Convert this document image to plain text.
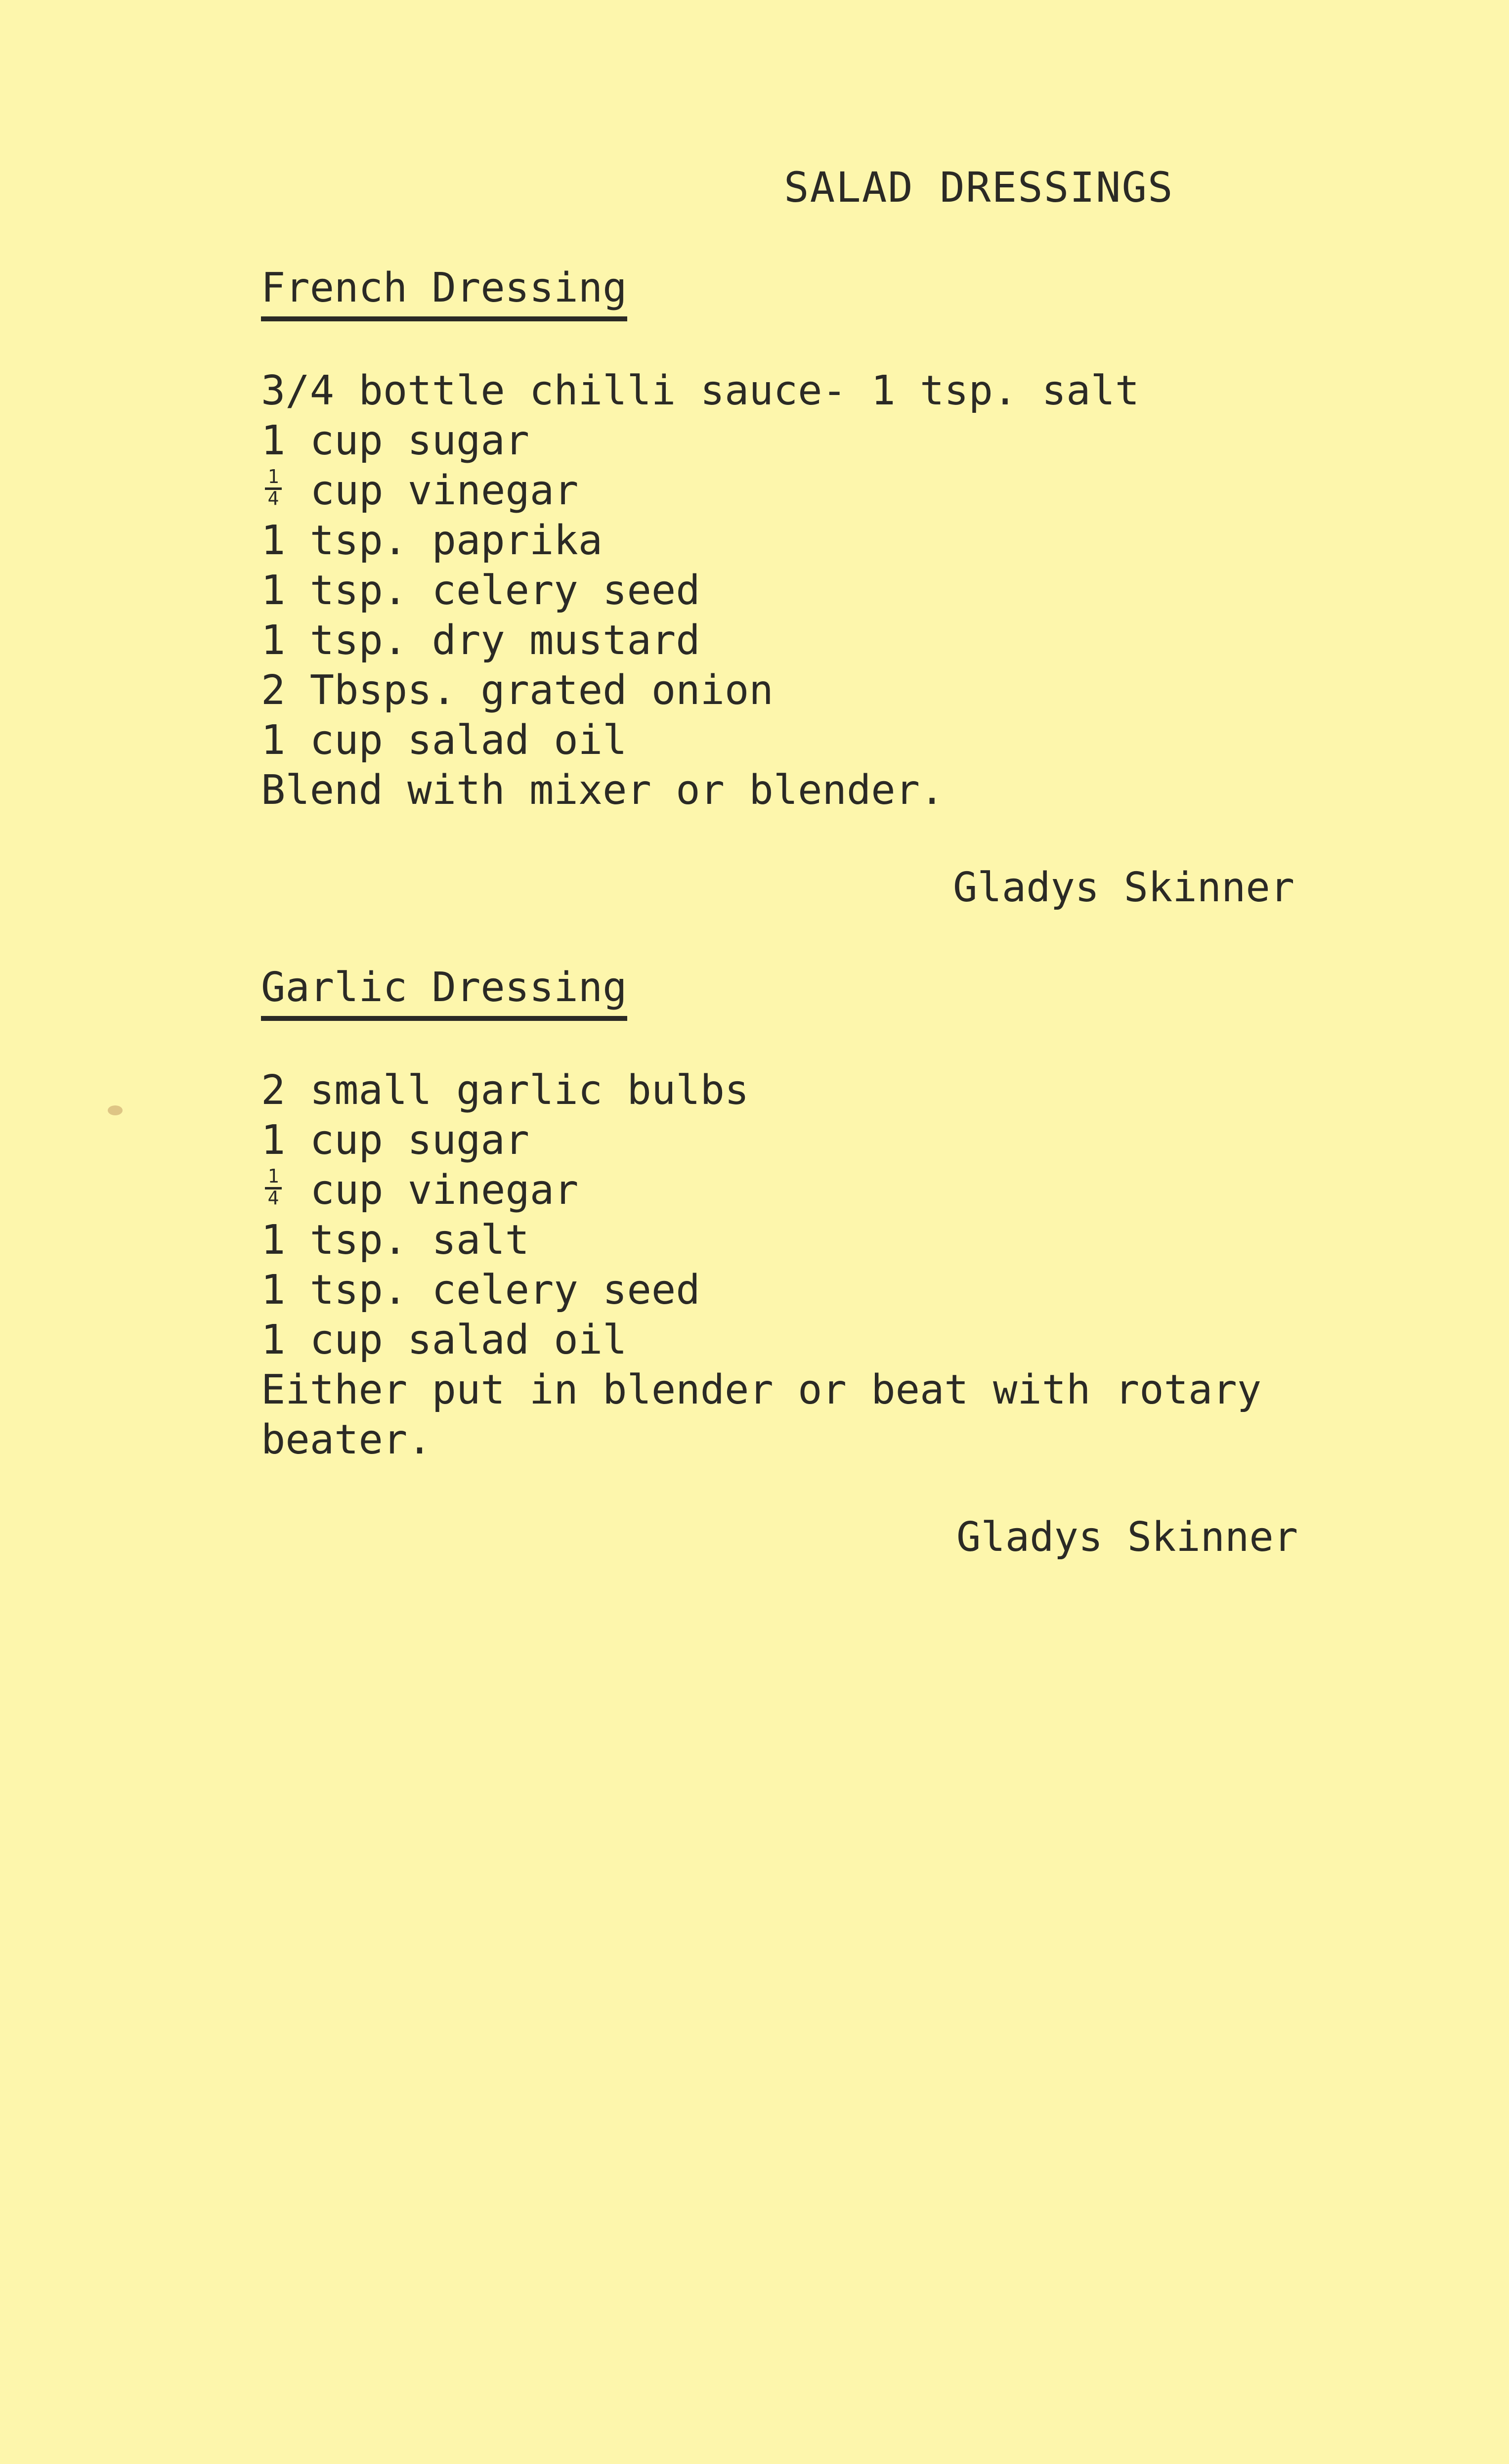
SALAD DRESSINGS
French Dressing
3/4 bottle chilli sauce- 1 tsp. salt
1 cup sugar
1
4 cup vinegar
1 tsp. paprika
1 tsp. celery seed
1 tsp. dry mustard
2 Tbsps. grated onion
1 cup salad oil
Blend with mixer or blender.
Gladys Skinner
Garlic Dressing
2 small garlic bulbs
1 cup sugar
1
4 cup vinegar
1 tsp. salt
1 tsp. celery seed
1 cup salad oil
Either put in blender or beat with rotary
beater.
Gladys Skinner
